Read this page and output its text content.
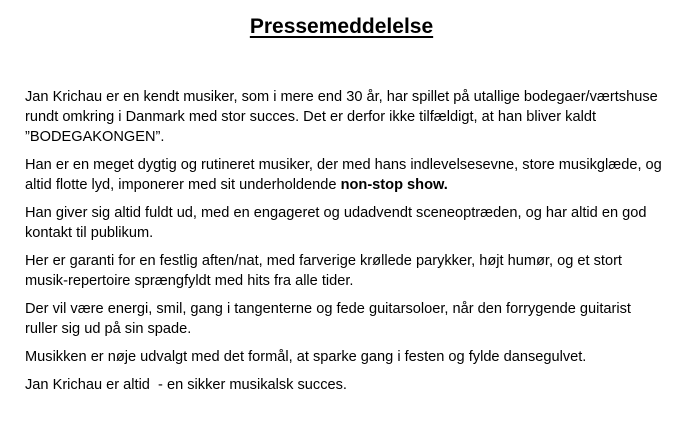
Pressemeddelelse

Jan Krichau er en kendt musiker, som i mere end 30 år, har spillet på utallige bodegaer/værtshuse rundt omkring i Danmark med stor succes. Det er derfor ikke tilfældigt, at han bliver kaldt ”BODEGAKONGEN”.

Han er en meget dygtig og rutineret musiker, der med hans indlevelsesevne, store musikglæde, og altid flotte lyd, imponerer med sit underholdende non-stop show.

Han giver sig altid fuldt ud, med en engageret og udadvendt sceneoptræden, og har altid en god kontakt til publikum.

Her er garanti for en festlig aften/nat, med farverige krøllede parykker, højt humør, og et stort musik-repertoire sprængfyldt med hits fra alle tider.

Der vil være energi, smil, gang i tangenterne og fede guitarsoloer, når den forrygende guitarist ruller sig ud på sin spade.

Musikken er nøje udvalgt med det formål, at sparke gang i festen og fylde dansegulvet.

Jan Krichau er altid  - en sikker musikalsk succes.
